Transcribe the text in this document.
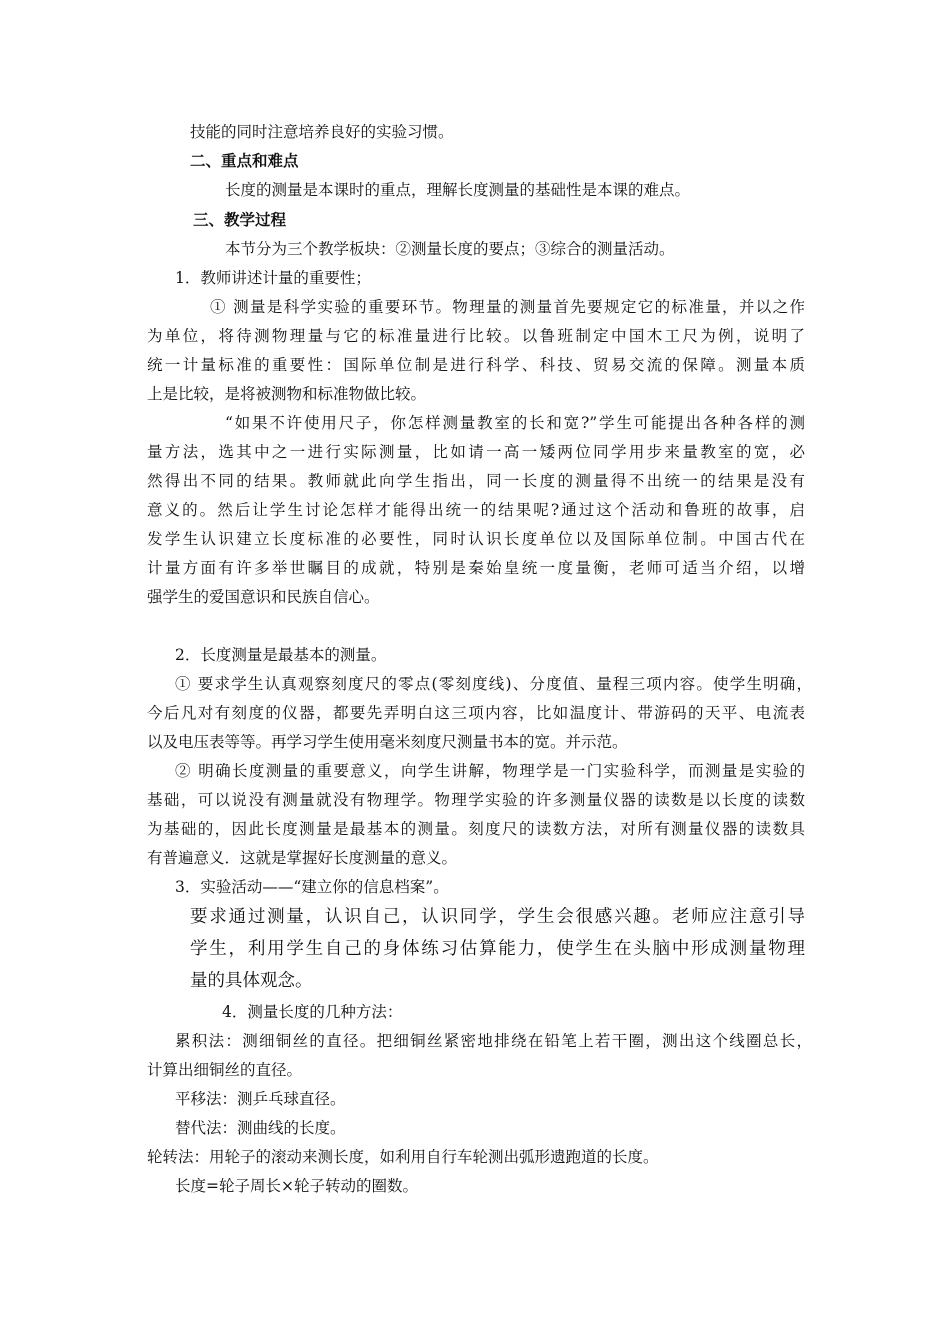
技能的同时注意培养良好的实验习惯。
二、重点和难点
长度的测量是本课时的重点，理解长度测量的基础性是本课的难点。
三、教学过程
本节分为三个教学板块：②测量长度的要点；③综合的测量活动。
1．教师讲述计量的重要性；
① 测量是科学实验的重要环节。物理量的测量首先要规定它的标准量，并以之作
为单位，将待测物理量与它的标准量进行比较。以鲁班制定中国木工尺为例，说明了
统一计量标准的重要性：国际单位制是进行科学、科技、贸易交流的保障。测量本质
上是比较，是将被测物和标准物做比较。
“如果不许使用尺子，你怎样测量教室的长和宽?”学生可能提出各种各样的测
量方法，选其中之一进行实际测量，比如请一高一矮两位同学用步来量教室的宽，必
然得出不同的结果。教师就此向学生指出，同一长度的测量得不出统一的结果是没有
意义的。然后让学生讨论怎样才能得出统一的结果呢?通过这个活动和鲁班的故事，启
发学生认识建立长度标准的必要性，同时认识长度单位以及国际单位制。中国古代在
计量方面有许多举世瞩目的成就，特别是秦始皇统一度量衡，老师可适当介绍，以增
强学生的爱国意识和民族自信心。
2．长度测量是最基本的测量。
① 要求学生认真观察刻度尺的零点(零刻度线)、分度值、量程三项内容。使学生明确，
今后凡对有刻度的仪器，都要先弄明白这三项内容，比如温度计、带游码的天平、电流表
以及电压表等等。再学习学生使用毫米刻度尺测量书本的宽。并示范。
② 明确长度测量的重要意义，向学生讲解，物理学是一门实验科学，而测量是实验的
基础，可以说没有测量就没有物理学。物理学实验的许多测量仪器的读数是以长度的读数
为基础的，因此长度测量是最基本的测量。刻度尺的读数方法，对所有测量仪器的读数具
有普遍意义．这就是掌握好长度测量的意义。
3．实验活动——“建立你的信息档案”。
要求通过测量，认识自己，认识同学，学生会很感兴趣。老师应注意引导
学生，利用学生自己的身体练习估算能力，使学生在头脑中形成测量物理
量的具体观念。
4．测量长度的几种方法：
累积法：测细铜丝的直径。把细铜丝紧密地排绕在铅笔上若干圈，测出这个线圈总长，
计算出细铜丝的直径。
平移法：测乒乓球直径。
替代法：测曲线的长度。
轮转法：用轮子的滚动来测长度，如利用自行车轮测出弧形遗跑道的长度。
长度=轮子周长×轮子转动的圈数。
